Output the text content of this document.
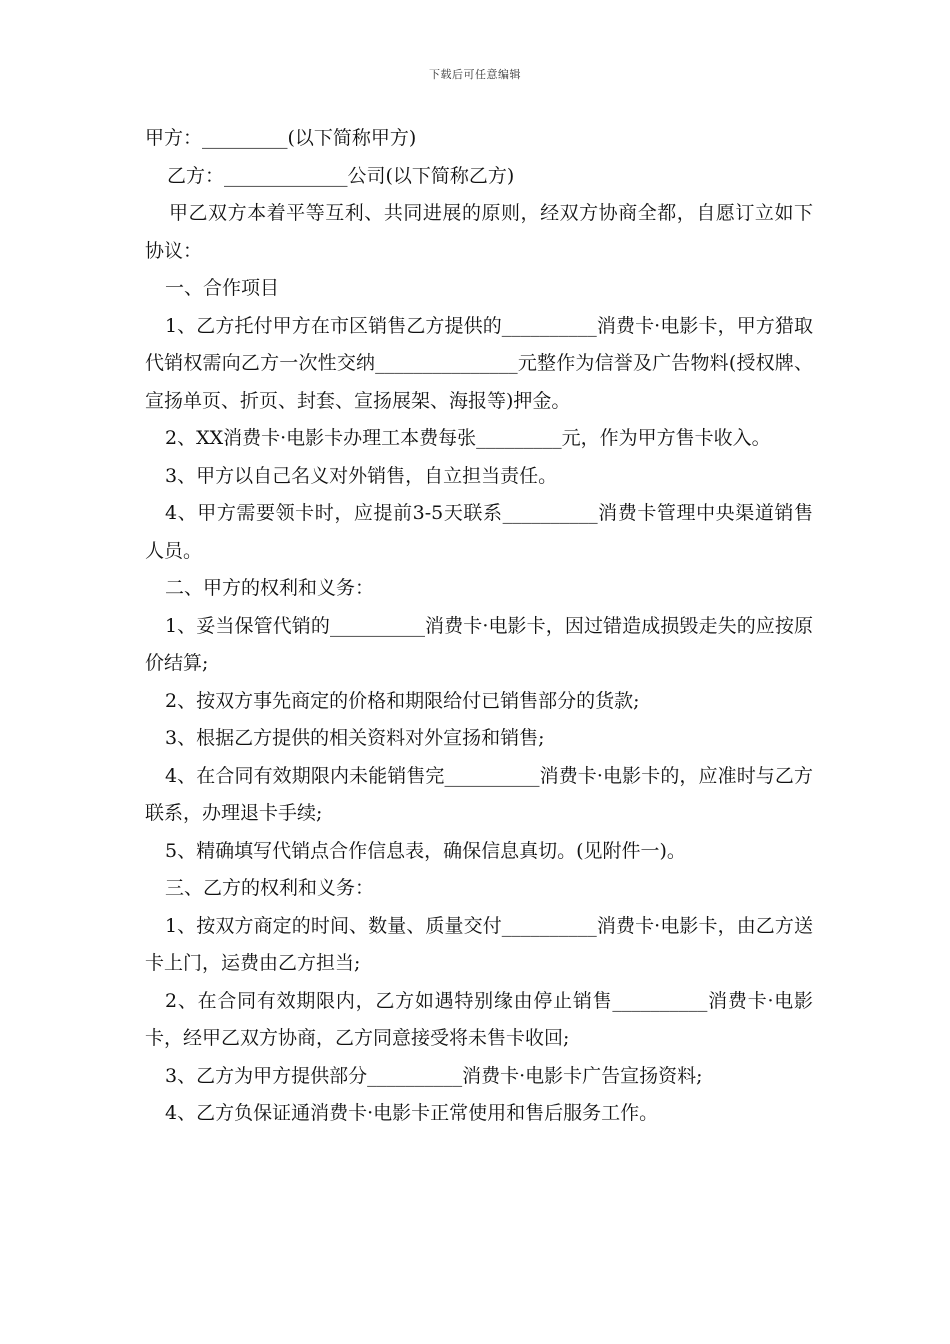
下载后可任意编辑

甲方：_________(以下简称甲方)

乙方：_____________公司(以下简称乙方)

甲乙双方本着平等互利、共同进展的原则，经双方协商全都，自愿订立如下协议：

一、合作项目

1、乙方托付甲方在市区销售乙方提供的__________消费卡·电影卡，甲方猎取代销权需向乙方一次性交纳_______________元整作为信誉及广告物料(授权牌、宣扬单页、折页、封套、宣扬展架、海报等)押金。

2、XX消费卡·电影卡办理工本费每张_________元，作为甲方售卡收入。

3、甲方以自己名义对外销售，自立担当责任。

4、甲方需要领卡时，应提前3-5天联系__________消费卡管理中央渠道销售人员。

二、甲方的权利和义务：

1、妥当保管代销的__________消费卡·电影卡，因过错造成损毁走失的应按原价结算;

2、按双方事先商定的价格和期限给付已销售部分的货款;

3、根据乙方提供的相关资料对外宣扬和销售;

4、在合同有效期限内未能销售完__________消费卡·电影卡的，应准时与乙方联系，办理退卡手续;

5、精确填写代销点合作信息表，确保信息真切。(见附件一)。

三、乙方的权利和义务：

1、按双方商定的时间、数量、质量交付__________消费卡·电影卡，由乙方送卡上门，运费由乙方担当;

2、在合同有效期限内，乙方如遇特别缘由停止销售__________消费卡·电影卡，经甲乙双方协商，乙方同意接受将未售卡收回;

3、乙方为甲方提供部分__________消费卡·电影卡广告宣扬资料;

4、乙方负保证通消费卡·电影卡正常使用和售后服务工作。
